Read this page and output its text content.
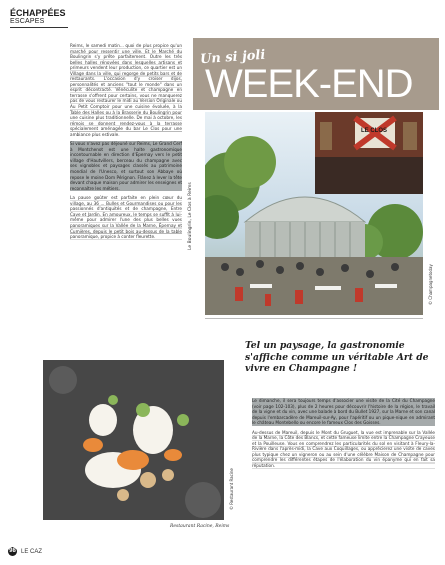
ÉCHAPPÉES
ESCAPES

Reims, le samedi matin... quoi de plus propice qu'un marché pour ressentir une ville. Et le Marché du Boulingrin s'y prête parfaitement. Outre les très belles halles rénovées dans lesquelles artisans et primeurs vendent leur production, ce quartier est un Village dans la ville, qui regorge de petits bars et de restaurants. L'occasion d'y croiser dijos, personnalités et anciens "tout le monde" dans un esprit décontracté. Vénéculite et champagne en terrasse s'offrent pour certains, vous ne manquerez pas de vous restaurer le midi au Version Originale ou Au Petit Comptoir pour une cuisine évoluée, à la Table des Halles ou à la Brasserie du Boulingrin pour une cuisine plus traditionnelle. De mai à octobre, les rémois se donnent rendez-vous à la terrasse spécialement aménagée du bar Le Clos pour une ambiance plus estivale.

Si vous n'avez pas déjeuné sur Reims, Le Grand Cerf à Montchenot est une halte gastronomique incontournable en direction d'Epernay vers le petit village d'Hautvillers, berceau du champagne avec ses vignobles et paysages classés au patrimoine mondial de l'Unesco, et surtout son Abbaye où repose le moine Dom Pérignon. Flânez à lever la tête devant chaque maison pour admirer les enseignes et reconnaître les métiers.

La pause goûter est parfaite en plein cœur du village, au 36 ... Bulles et Gourmandises ou pour les passionnés d'antiquités et de champagne, Entre Cave et Jardin. En amoureux, le temps se suffit à lui-même pour admirer l'une des plus belles vues panoramiques sur la Vallée de la Marne, Épernay et Cumières, depuis le petit bois au-dessus de la table panoramique, propice à conter fleurette.	Le Boulingrin, Le Clos à Reims
Un si joli
WEEK-END
LE CLOS
© Champagnetoday
Tel un paysage, la gastronomie s'affiche comme un véritable Art de vivre en Champagne !
© Restaurant Racine
Restaurant Racine, Reims

Le dimanche, il sera toujours temps d'associer une visite de la Cité du Champagne (voir page 102-103), plus de 2 heures pour découvrir l'histoire de la région, le travail de la vigne et du vin, avec une balade à bord du Bullet 1927, sur la Marne et son canal depuis l'embarcadère de Mareuil-sur-Ay, pour l'apéritif ou un pique-nique en admirant le château Montebello ou encore le fameux Clos des Goisses.

Au-dessus de Mareuil, depuis le Mont du Gruguet, la vue est imprenable sur la Vallée de la Marne, la Côte des Blancs, et cette fameuse limite entre la Champagne Crayeuse et la Pouilleuse. Vous en comprendrez les particularités du sol en visitant à Fleury-la-Rivière dans l'après-midi, la Cave aux Coquillages, ou apprécierez une visite de caves plus typique chez un vigneron ou au sein d'une célèbre Maison de Champagne pour comprendre les différentes étapes de l'élaboration du vin épanyme qui en fait sa réputation.

98 LE CAZ
